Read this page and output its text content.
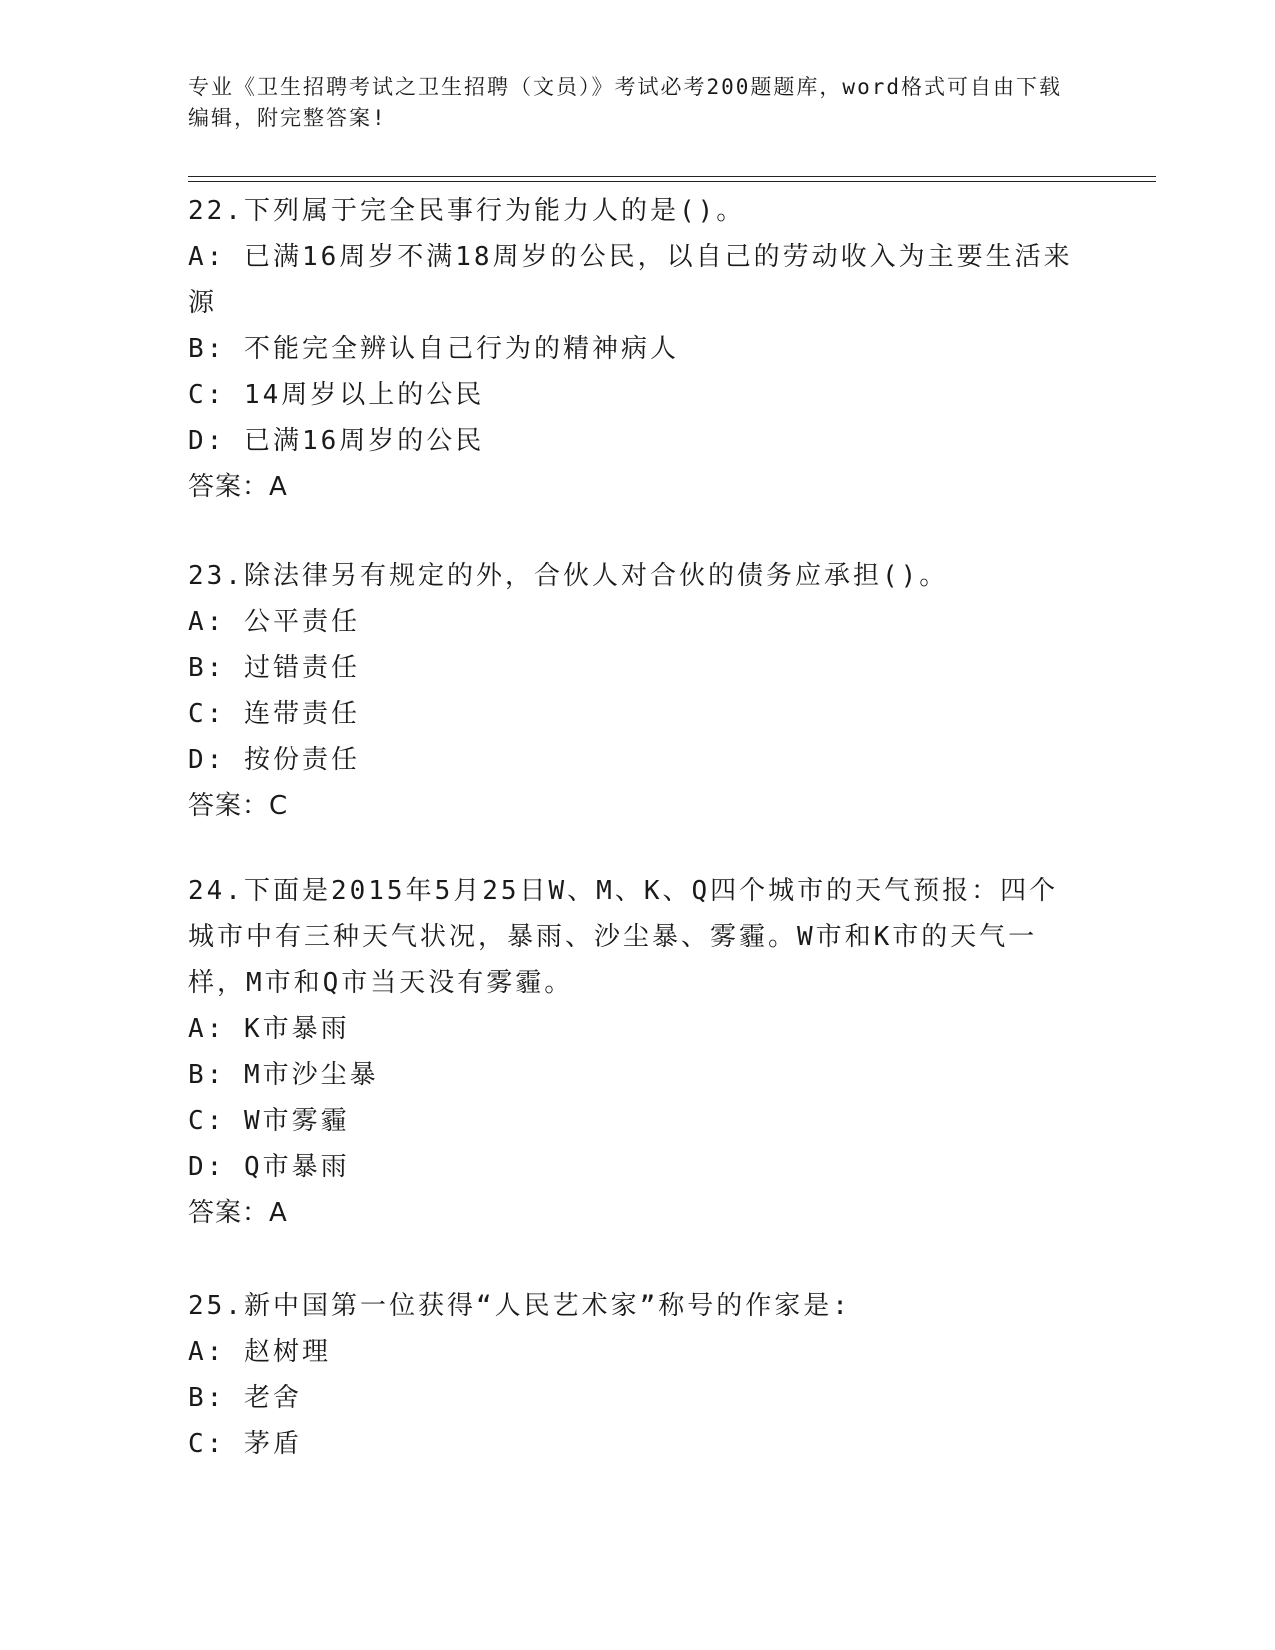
专业《卫生招聘考试之卫生招聘（文员）》考试必考200题题库，word格式可自由下载编辑，附完整答案!

22.下列属于完全民事行为能力人的是()。

A: 已满16周岁不满18周岁的公民，以自己的劳动收入为主要生活来源

B: 不能完全辨认自己行为的精神病人

C: 14周岁以上的公民

D: 已满16周岁的公民

答案：A

23.除法律另有规定的外，合伙人对合伙的债务应承担()。

A: 公平责任

B: 过错责任

C: 连带责任

D: 按份责任

答案：C

24.下面是2015年5月25日W、M、K、Q四个城市的天气预报：四个城市中有三种天气状况，暴雨、沙尘暴、雾霾。W市和K市的天气一样，M市和Q市当天没有雾霾。

A: K市暴雨

B: M市沙尘暴

C: W市雾霾

D: Q市暴雨

答案：A

25.新中国第一位获得“人民艺术家”称号的作家是:

A: 赵树理

B: 老舍

C: 茅盾
